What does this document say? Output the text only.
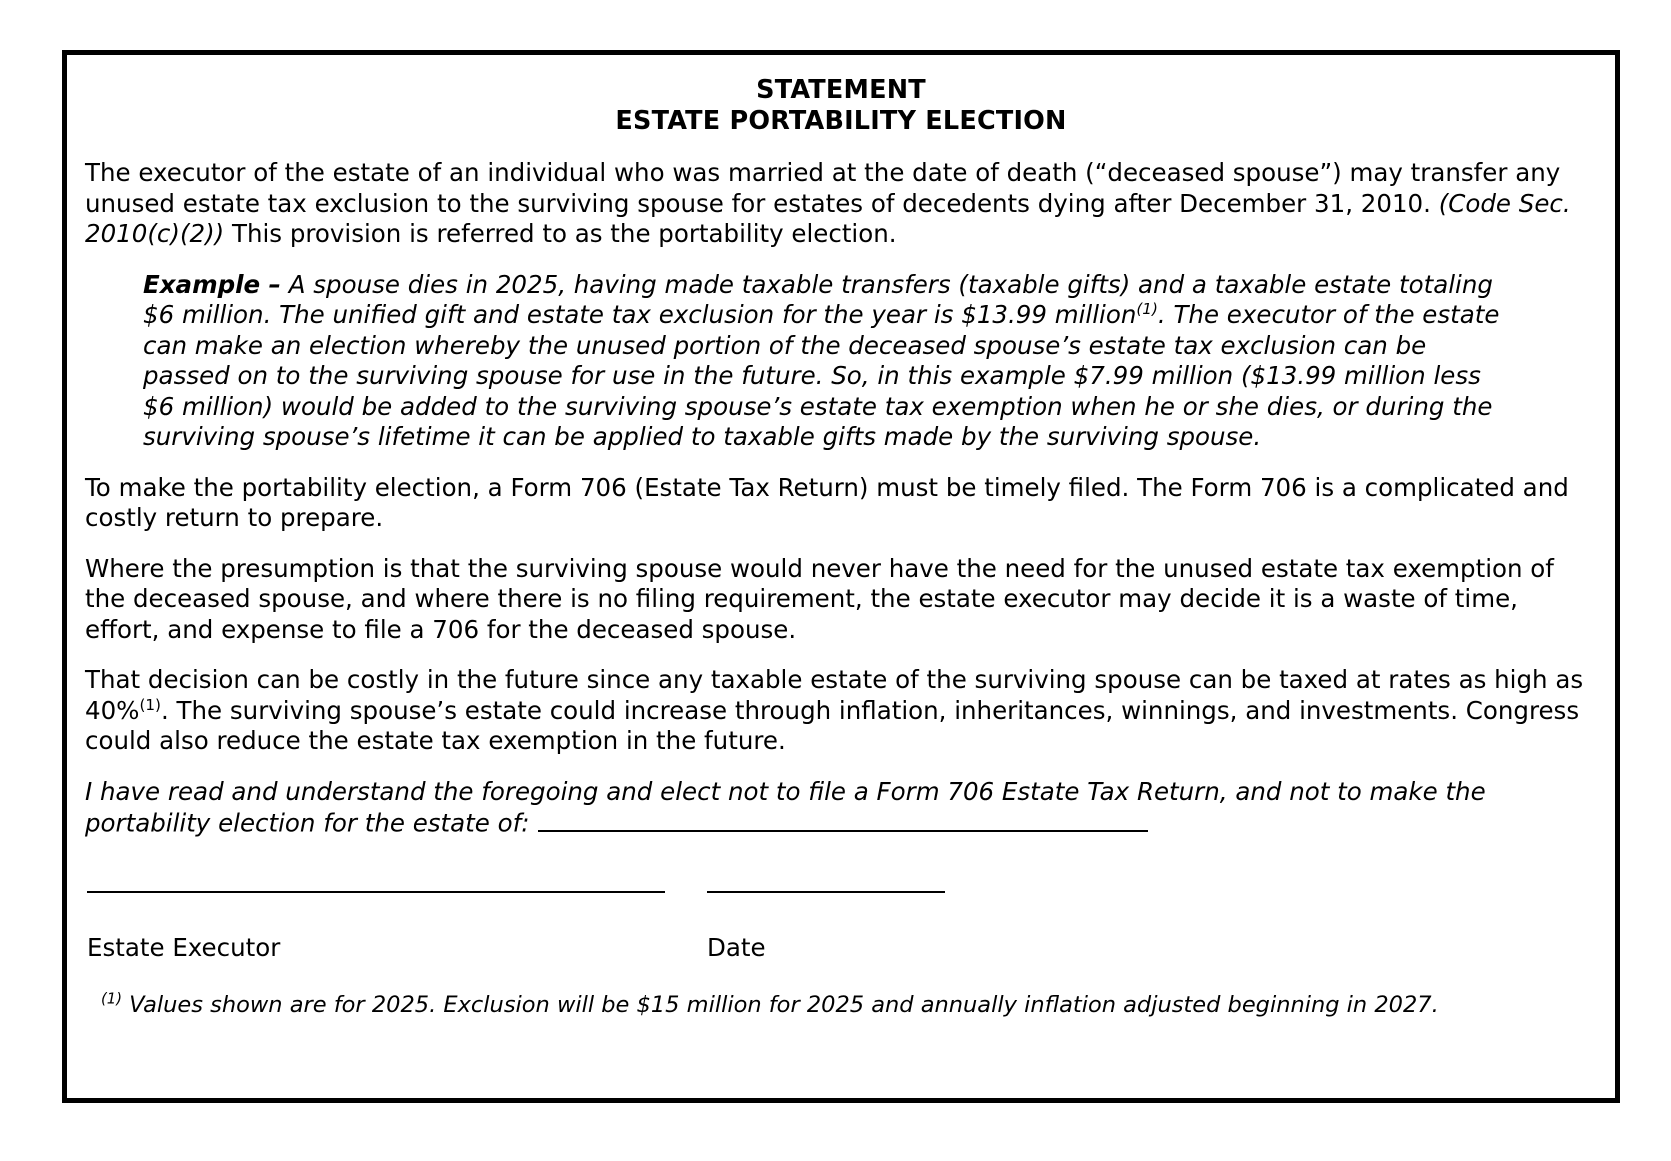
STATEMENT
ESTATE PORTABILITY ELECTION

The executor of the estate of an individual who was married at the date of death (“deceased spouse”) may transfer any unused estate tax exclusion to the surviving spouse for estates of decedents dying after December 31, 2010. (Code Sec. 2010(c)(2)) This provision is referred to as the portability election.

Example – A spouse dies in 2025, having made taxable transfers (taxable gifts) and a taxable estate totaling $6 million. The unified gift and estate tax exclusion for the year is $13.99 million$^{(1)}$. The executor of the estate can make an election whereby the unused portion of the deceased spouse’s estate tax exclusion can be passed on to the surviving spouse for use in the future. So, in this example $7.99 million ($13.99 million less $6 million) would be added to the surviving spouse’s estate tax exemption when he or she dies, or during the surviving spouse’s lifetime it can be applied to taxable gifts made by the surviving spouse.

To make the portability election, a Form 706 (Estate Tax Return) must be timely filed. The Form 706 is a complicated and costly return to prepare.

Where the presumption is that the surviving spouse would never have the need for the unused estate tax exemption of the deceased spouse, and where there is no filing requirement, the estate executor may decide it is a waste of time, effort, and expense to file a 706 for the deceased spouse.

That decision can be costly in the future since any taxable estate of the surviving spouse can be taxed at rates as high as 40%$^{(1)}$. The surviving spouse’s estate could increase through inflation, inheritances, winnings, and investments. Congress could also reduce the estate tax exemption in the future.

I have read and understand the foregoing and elect not to file a Form 706 Estate Tax Return, and not to make the portability election for the estate of:

Estate Executor	Date

$^{(1)}$ Values shown are for 2025. Exclusion will be $15 million for 2025 and annually inflation adjusted beginning in 2027.
